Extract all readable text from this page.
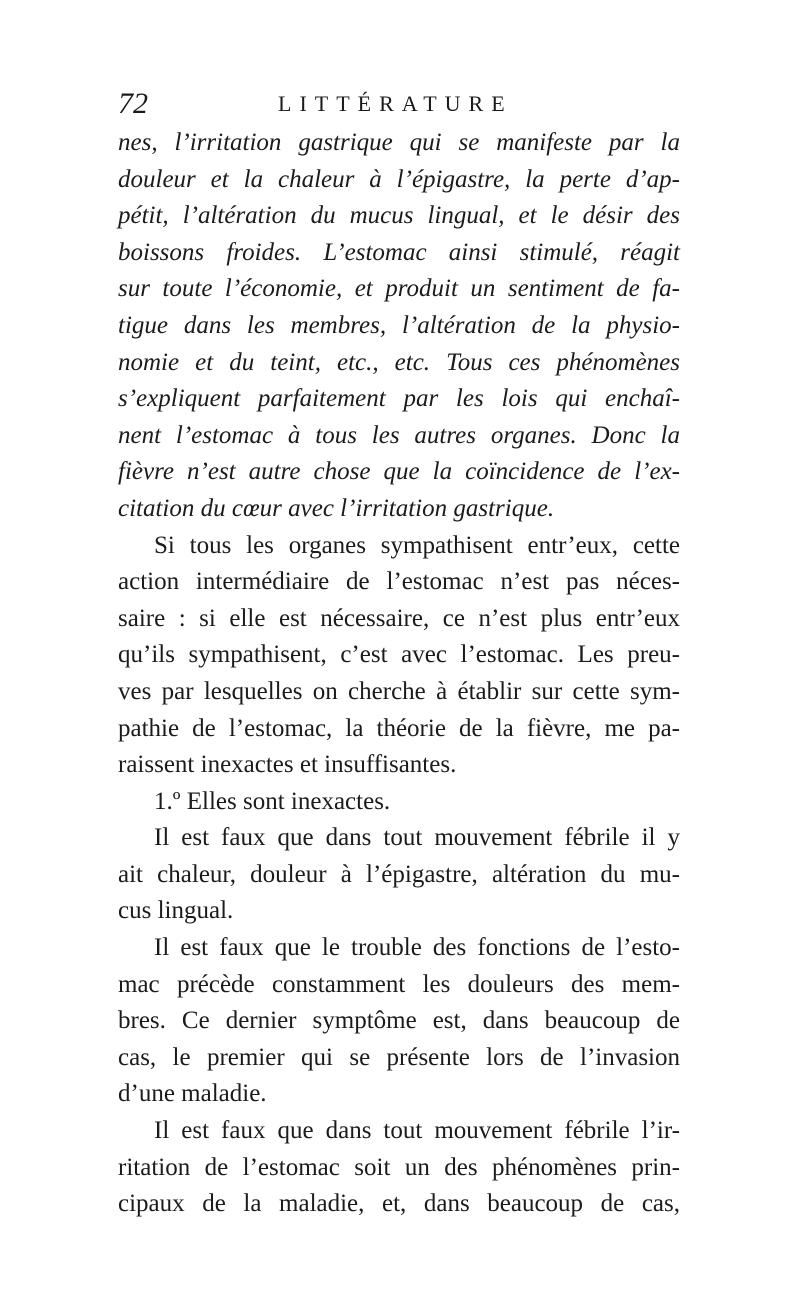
72	LITTÉRATURE
nes, l’irritation gastrique qui se manifeste par la
douleur et la chaleur à l’épigastre, la perte d’ap-
pétit, l’altération du mucus lingual, et le désir des
boissons froides. L’estomac ainsi stimulé, réagit
sur toute l’économie, et produit un sentiment de fa-
tigue dans les membres, l’altération de la physio-
nomie et du teint, etc., etc. Tous ces phénomènes
s’expliquent parfaitement par les lois qui enchaî-
nent l’estomac à tous les autres organes. Donc la
fièvre n’est autre chose que la coïncidence de l’ex-
citation du cœur avec l’irritation gastrique.
Si tous les organes sympathisent entr’eux, cette
action intermédiaire de l’estomac n’est pas néces-
saire : si elle est nécessaire, ce n’est plus entr’eux
qu’ils sympathisent, c’est avec l’estomac. Les preu-
ves par lesquelles on cherche à établir sur cette sym-
pathie de l’estomac, la théorie de la fièvre, me pa-
raissent inexactes et insuffisantes.
1.º Elles sont inexactes.
Il est faux que dans tout mouvement fébrile il y
ait chaleur, douleur à l’épigastre, altération du mu-
cus lingual.
Il est faux que le trouble des fonctions de l’esto-
mac précède constamment les douleurs des mem-
bres. Ce dernier symptôme est, dans beaucoup de
cas, le premier qui se présente lors de l’invasion
d’une maladie.
Il est faux que dans tout mouvement fébrile l’ir-
ritation de l’estomac soit un des phénomènes prin-
cipaux de la maladie, et, dans beaucoup de cas,
